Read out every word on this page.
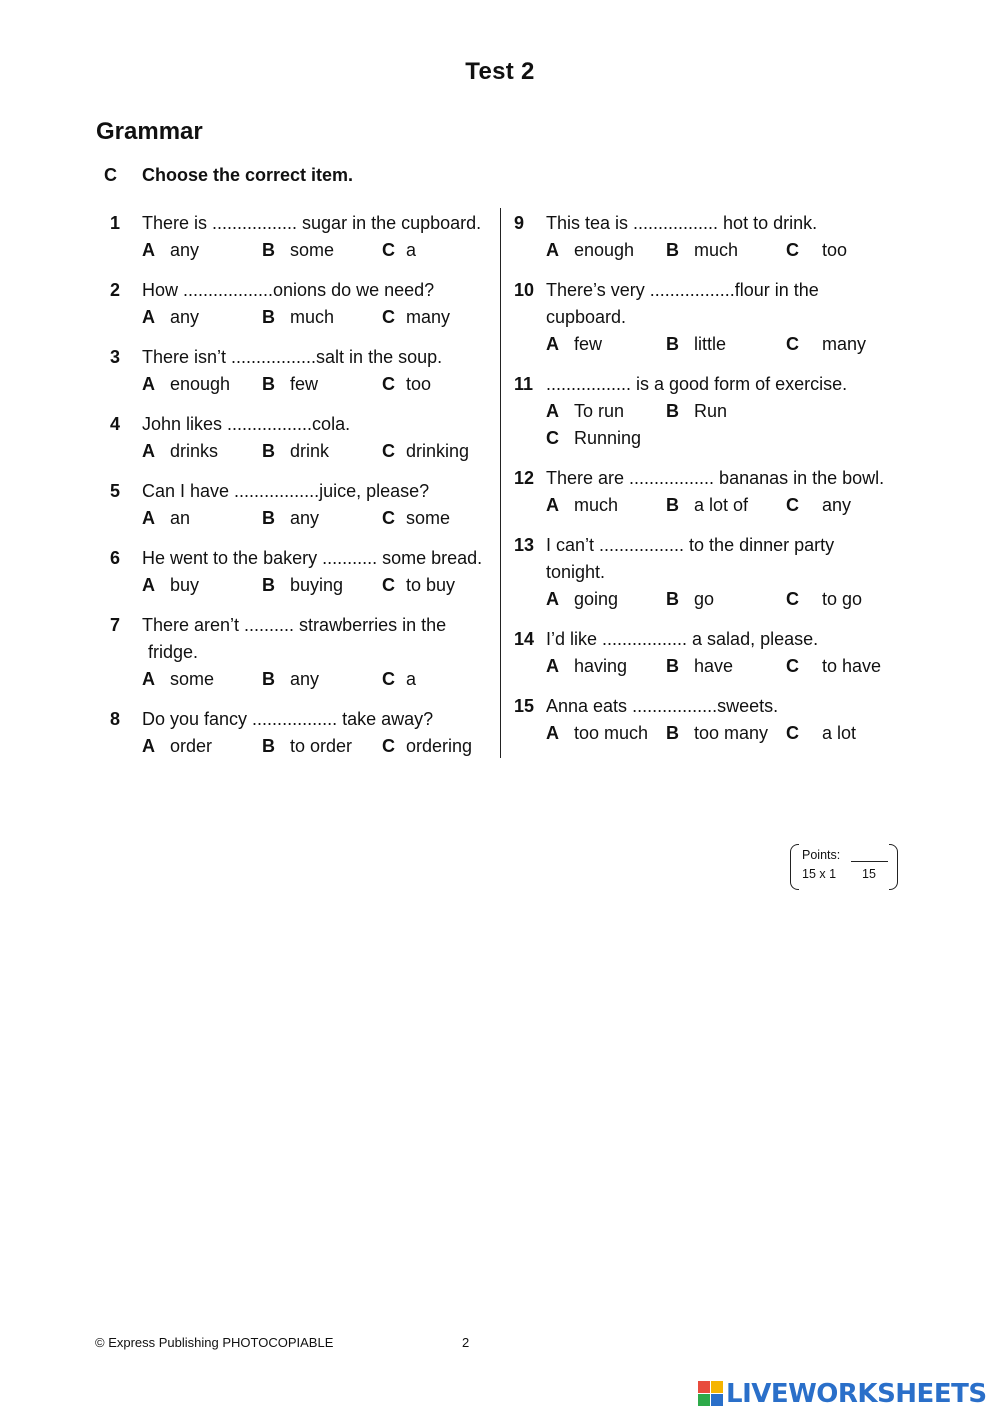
Test 2
Grammar
C Choose the correct item.
1 There is ................. sugar in the cupboard.
A any	B some	C a
2 How ..................onions do we need?
A any	B much	C many
3 There isn’t .................salt in the soup.
A enough B few	C too
4 John likes .................cola.
A drinks B drink	C drinking
5 Can I have .................juice, please?
A an	B any	C some
6 He went to the bakery ........... some bread.
A buy	B buying C to buy
7 There aren’t .......... strawberries in the
fridge.
A some	B any	C a
8 Do you fancy ................. take away?
A order	B to order C ordering
9 This tea is ................. hot to drink.
A enough B much	C too
10 There’s very .................flour in the
cupboard.
A few	B little	C many
11 ................. is a good form of exercise.
A To run B Run
C Running
12 There are ................. bananas in the bowl.
A much	B a lot of C any
13 I can’t ................. to the dinner party
tonight.
A going	B go	C to go
14 I’d like ................. a salad, please.
A having B have	C to have
15 Anna eats .................sweets.
A too much B too many C a lot
Points:
15 x 1 15
© Express Publishing PHOTOCOPIABLE	2
LIVEWORKSHEETS
